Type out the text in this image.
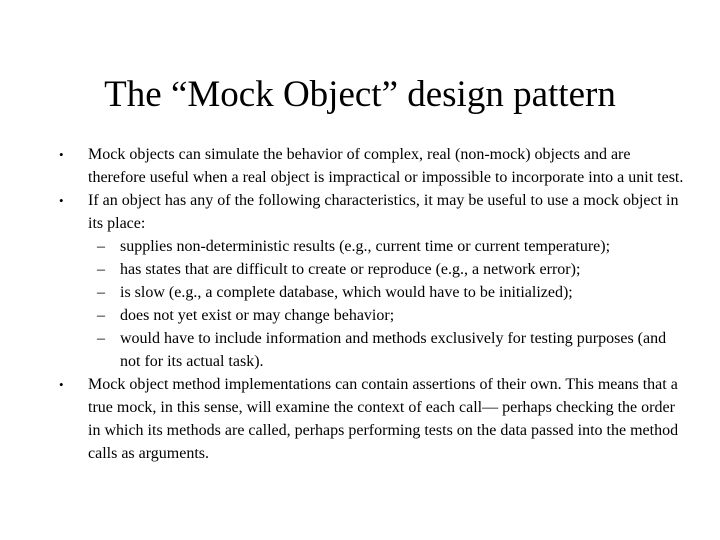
The “Mock Object” design pattern
• Mock objects can simulate the behavior of complex, real (non-mock) objects and are therefore useful when a real object is impractical or impossible to incorporate into a unit test.
• If an object has any of the following characteristics, it may be useful to use a mock object in its place:
– supplies non-deterministic results (e.g., current time or current temperature);
– has states that are difficult to create or reproduce (e.g., a network error);
– is slow (e.g., a complete database, which would have to be initialized);
– does not yet exist or may change behavior;
– would have to include information and methods exclusively for testing purposes (and not for its actual task).
• Mock object method implementations can contain assertions of their own. This means that a true mock, in this sense, will examine the context of each call— perhaps checking the order in which its methods are called, perhaps performing tests on the data passed into the method calls as arguments.
